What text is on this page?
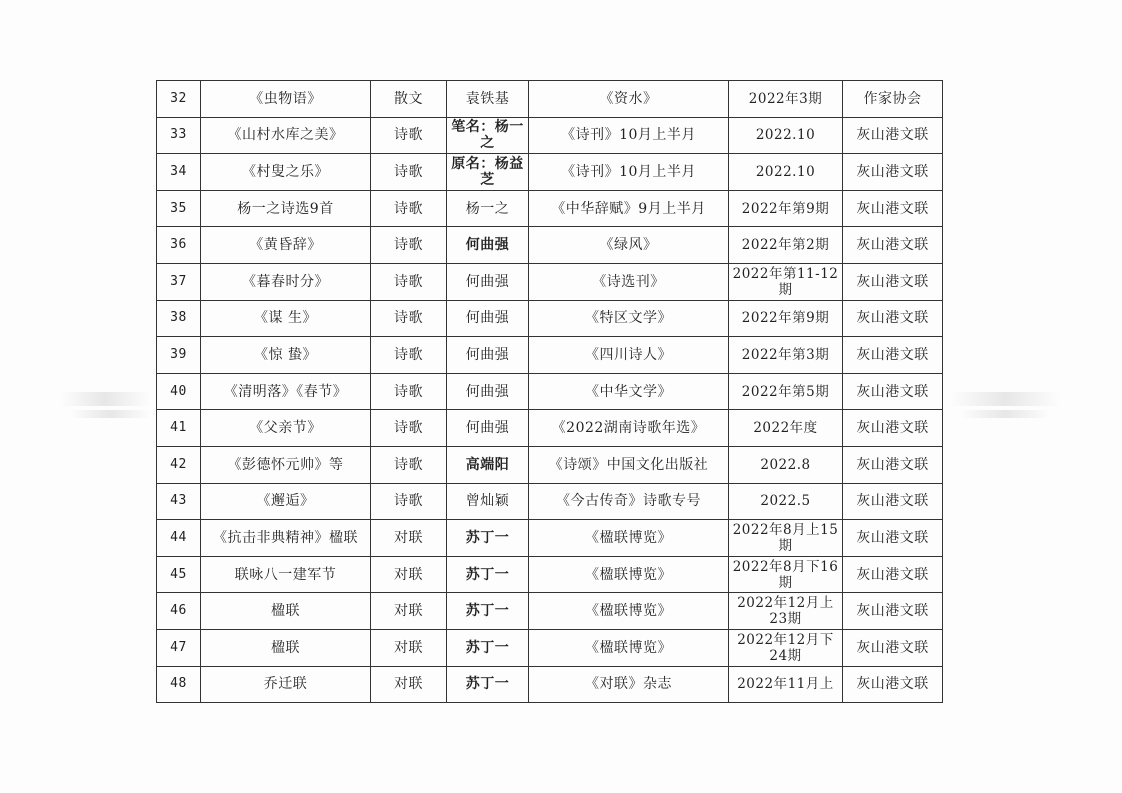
32	《虫物语》	散文	袁铁基	《资水》	2022年3期	作家协会
33	《山村水库之美》	诗歌	笔名：杨一之	《诗刊》10月上半月	2022.10	灰山港文联
34	《村叟之乐》	诗歌	原名：杨益芝	《诗刊》10月上半月	2022.10	灰山港文联
35	杨一之诗选9首	诗歌	杨一之	《中华辞赋》9月上半月	2022年第9期	灰山港文联
36	《黄昏辞》	诗歌	何曲强	《绿风》	2022年第2期	灰山港文联
37	《暮春时分》	诗歌	何曲强	《诗选刊》	2022年第11-12期	灰山港文联
38	《谋 生》	诗歌	何曲强	《特区文学》	2022年第9期	灰山港文联
39	《惊 蛰》	诗歌	何曲强	《四川诗人》	2022年第3期	灰山港文联
40	《清明落》《春节》	诗歌	何曲强	《中华文学》	2022年第5期	灰山港文联
41	《父亲节》	诗歌	何曲强	《2022湖南诗歌年选》	2022年度	灰山港文联
42	《彭德怀元帅》等	诗歌	高端阳	《诗颂》中国文化出版社	2022.8	灰山港文联
43	《邂逅》	诗歌	曾灿颖	《今古传奇》诗歌专号	2022.5	灰山港文联
44	《抗击非典精神》楹联	对联	苏丁一	《楹联博览》	2022年8月上15期	灰山港文联
45	联咏八一建军节	对联	苏丁一	《楹联博览》	2022年8月下16期	灰山港文联
46	楹联	对联	苏丁一	《楹联博览》	2022年12月上23期	灰山港文联
47	楹联	对联	苏丁一	《楹联博览》	2022年12月下24期	灰山港文联
48	乔迁联	对联	苏丁一	《对联》杂志	2022年11月上	灰山港文联
